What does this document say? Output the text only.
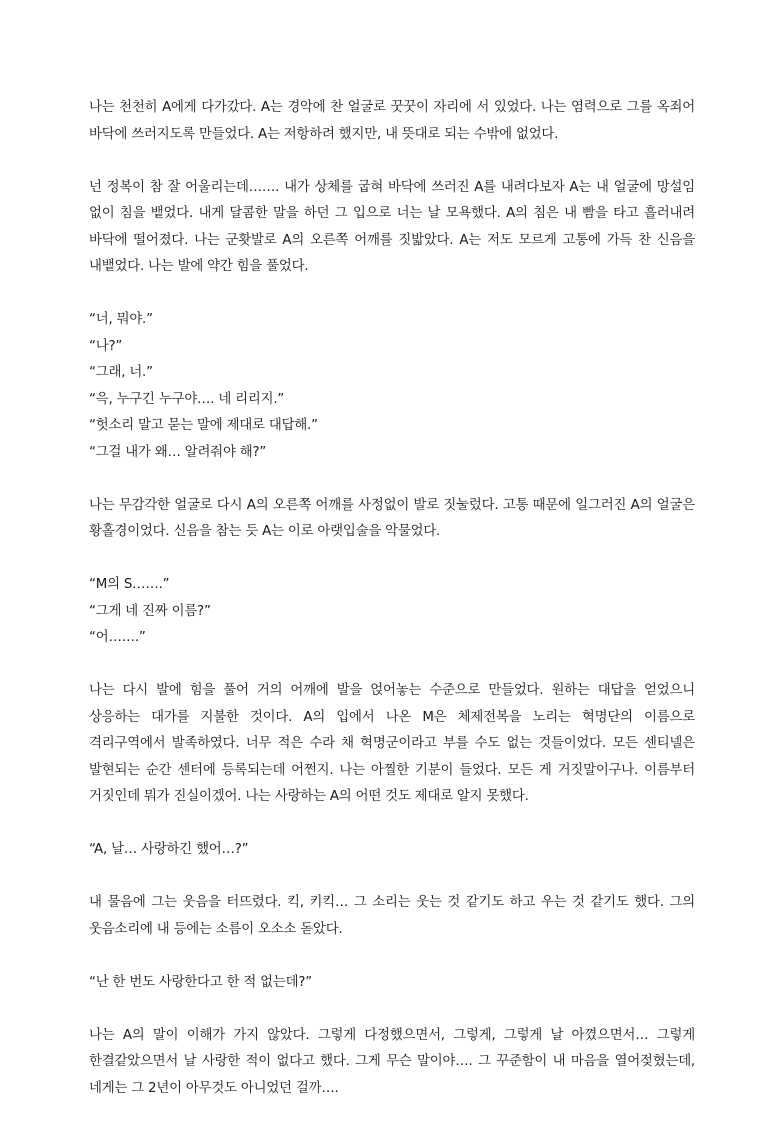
나는 천천히 A에게 다가갔다. A는 경악에 찬 얼굴로 꿋꿋이 자리에 서 있었다. 나는 염력으로 그를 옥죄어 바닥에 쓰러지도록 만들었다. A는 저항하려 했지만, 내 뜻대로 되는 수밖에 없었다.

넌 정복이 참 잘 어울리는데……. 내가 상체를 굽혀 바닥에 쓰러진 A를 내려다보자 A는 내 얼굴에 망설임 없이 침을 뱉었다. 내게 달콤한 말을 하던 그 입으로 너는 날 모욕했다. A의 침은 내 빰을 타고 흘러내려 바닥에 떨어졌다. 나는 군홧발로 A의 오른쪽 어깨를 짓밟았다. A는 저도 모르게 고통에 가득 찬 신음을 내뱉었다. 나는 발에 약간 힘을 풀었다.

“너, 뭐야.”
“나?”
“그래, 너.”
“윽, 누구긴 누구야…. 네 리리지.”
“헛소리 말고 묻는 말에 제대로 대답해.”
“그걸 내가 왜… 알려줘야 해?”

나는 무감각한 얼굴로 다시 A의 오른쪽 어깨를 사정없이 발로 짓눌렀다. 고통 때문에 일그러진 A의 얼굴은 황홀경이었다. 신음을 참는 듯 A는 이로 아랫입술을 악물었다.

“M의 S…….”
“그게 네 진짜 이름?”
“어…….”

나는 다시 발에 힘을 풀어 거의 어깨에 발을 얹어놓는 수준으로 만들었다. 원하는 대답을 얻었으니 상응하는 대가를 지불한 것이다. A의 입에서 나온 M은 체제전복을 노리는 혁명단의 이름으로 격리구역에서 발족하였다. 너무 적은 수라 채 혁명군이라고 부를 수도 없는 것들이었다. 모든 센티넬은 발현되는 순간 센터에 등록되는데 어쩐지. 나는 아찔한 기분이 들었다. 모든 게 거짓말이구나. 이름부터 거짓인데 뭐가 진실이겠어. 나는 사랑하는 A의 어떤 것도 제대로 알지 못했다.

“A, 날… 사랑하긴 했어…?”

내 물음에 그는 웃음을 터뜨렸다. 킥, 키킥… 그 소리는 웃는 것 같기도 하고 우는 것 같기도 했다. 그의 웃음소리에 내 등에는 소름이 오소소 돋았다.

“난 한 번도 사랑한다고 한 적 없는데?”

나는 A의 말이 이해가 가지 않았다. 그렇게 다정했으면서, 그렇게, 그렇게 날 아꼈으면서… 그렇게 한결같았으면서 날 사랑한 적이 없다고 했다. 그게 무슨 말이야…. 그 꾸준함이 내 마음을 열어젖혔는데, 네게는 그 2년이 아무것도 아니었던 걸까….
